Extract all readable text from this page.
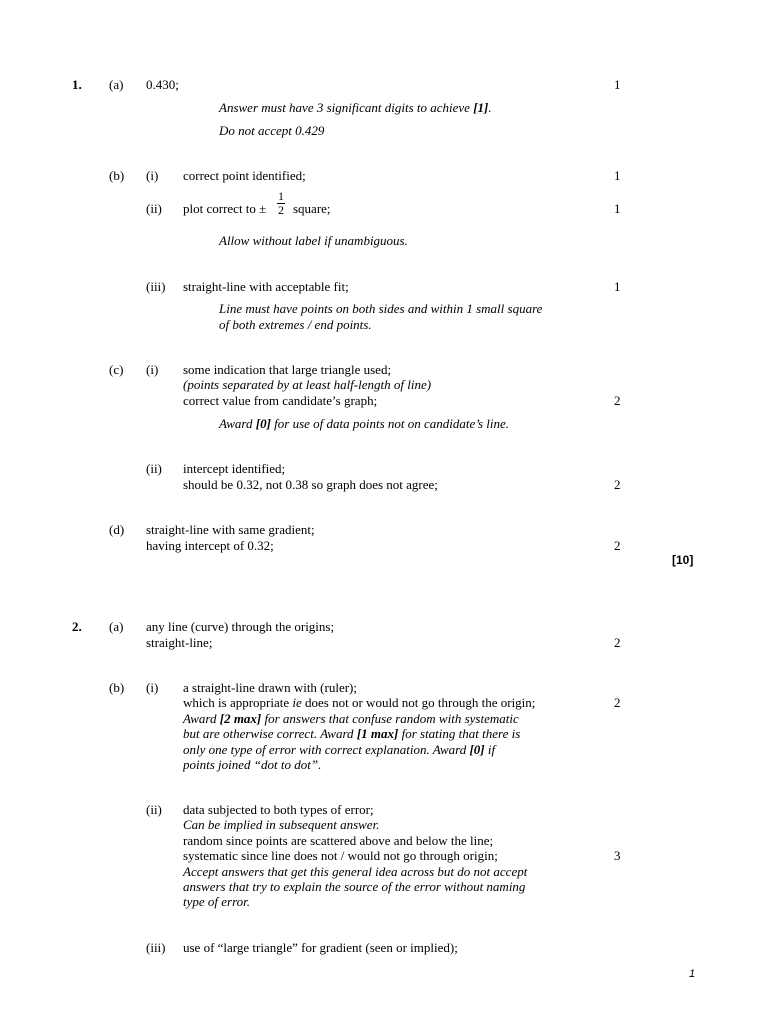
1. (a) 0.430;	1
Answer must have 3 significant digits to achieve [1].
Do not accept 0.429
(b) (i) correct point identified;	1
(ii) plot correct to ± $\frac{1}{2}$ square;	1
Allow without label if unambiguous.
(iii) straight-line with acceptable fit;	1
Line must have points on both sides and within 1 small square
of both extremes / end points.
(c) (i) some indication that large triangle used;
(points separated by at least half-length of line)
correct value from candidate’s graph;	2
Award [0] for use of data points not on candidate’s line.
(ii) intercept identified;
should be 0.32, not 0.38 so graph does not agree;	2
(d) straight-line with same gradient;
having intercept of 0.32;	2
[10]
2. (a) any line (curve) through the origins;
straight-line;	2
(b) (i) a straight-line drawn with (ruler);
which is appropriate ie does not or would not go through the origin;	2
Award [2 max] for answers that confuse random with systematic
but are otherwise correct. Award [1 max] for stating that there is
only one type of error with correct explanation. Award [0] if
points joined “dot to dot”.
(ii) data subjected to both types of error;
Can be implied in subsequent answer.
random since points are scattered above and below the line;
systematic since line does not / would not go through origin;	3
Accept answers that get this general idea across but do not accept
answers that try to explain the source of the error without naming
type of error.
(iii) use of “large triangle” for gradient (seen or implied);
1
